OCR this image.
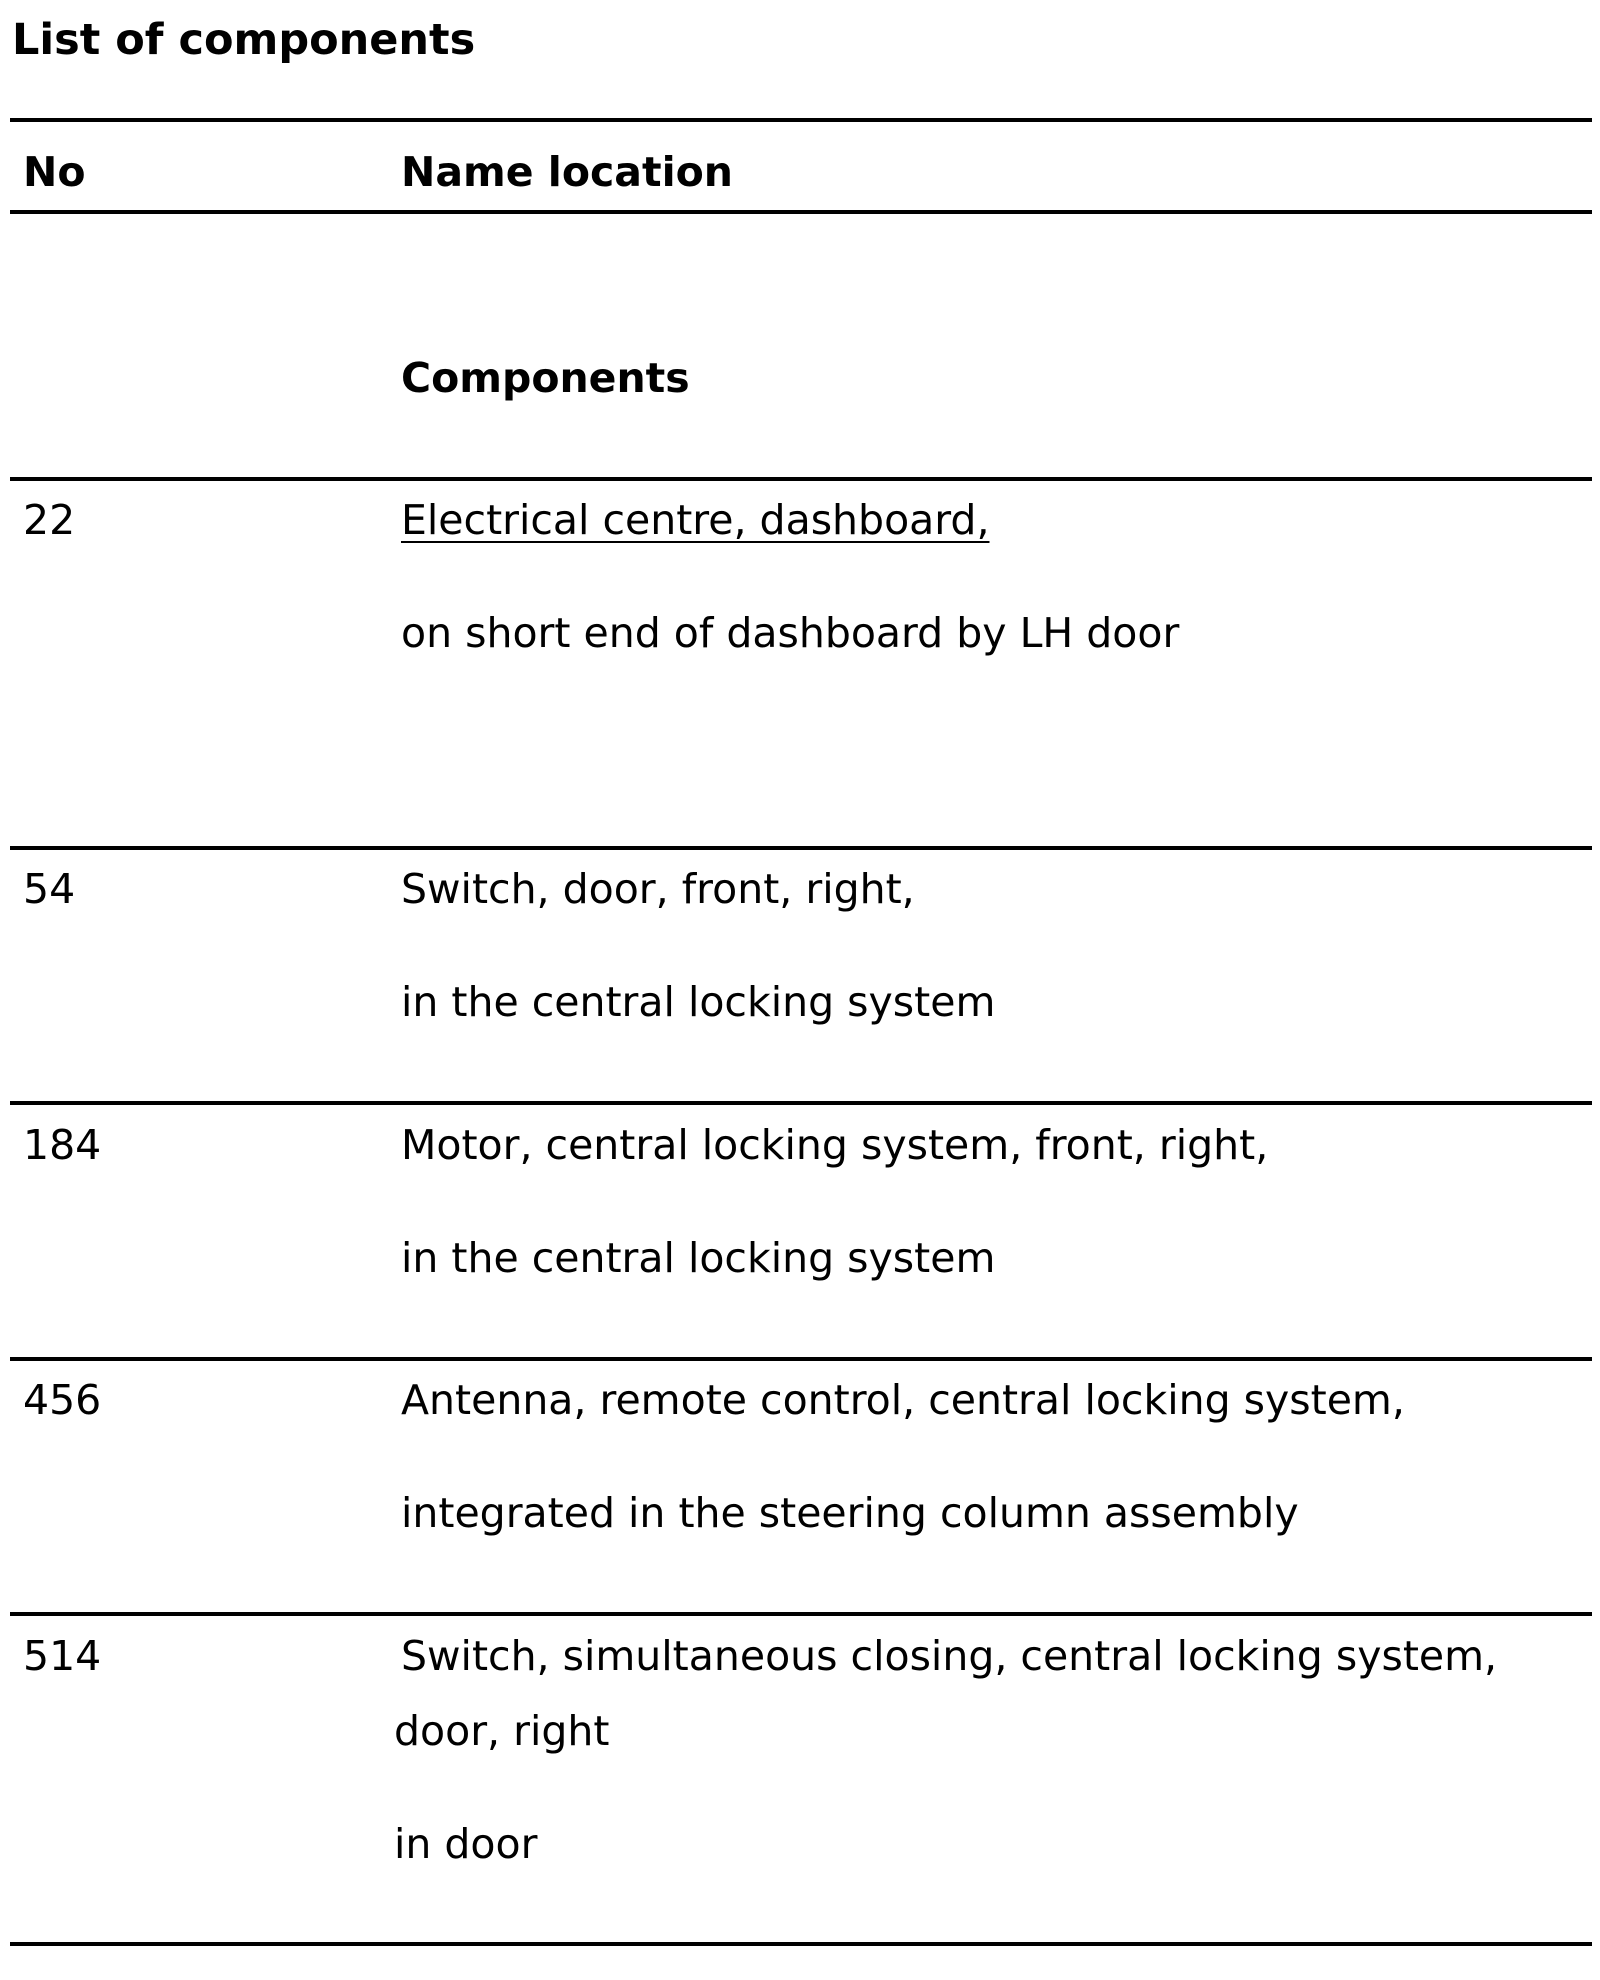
List of components
No	Name location
Components
22	Electrical centre, dashboard,
on short end of dashboard by LH door
54	Switch, door, front, right,
in the central locking system
184	Motor, central locking system, front, right,
in the central locking system
456	Antenna, remote control, central locking system,
integrated in the steering column assembly
514	Switch, simultaneous closing, central locking system,
door, right
in door
